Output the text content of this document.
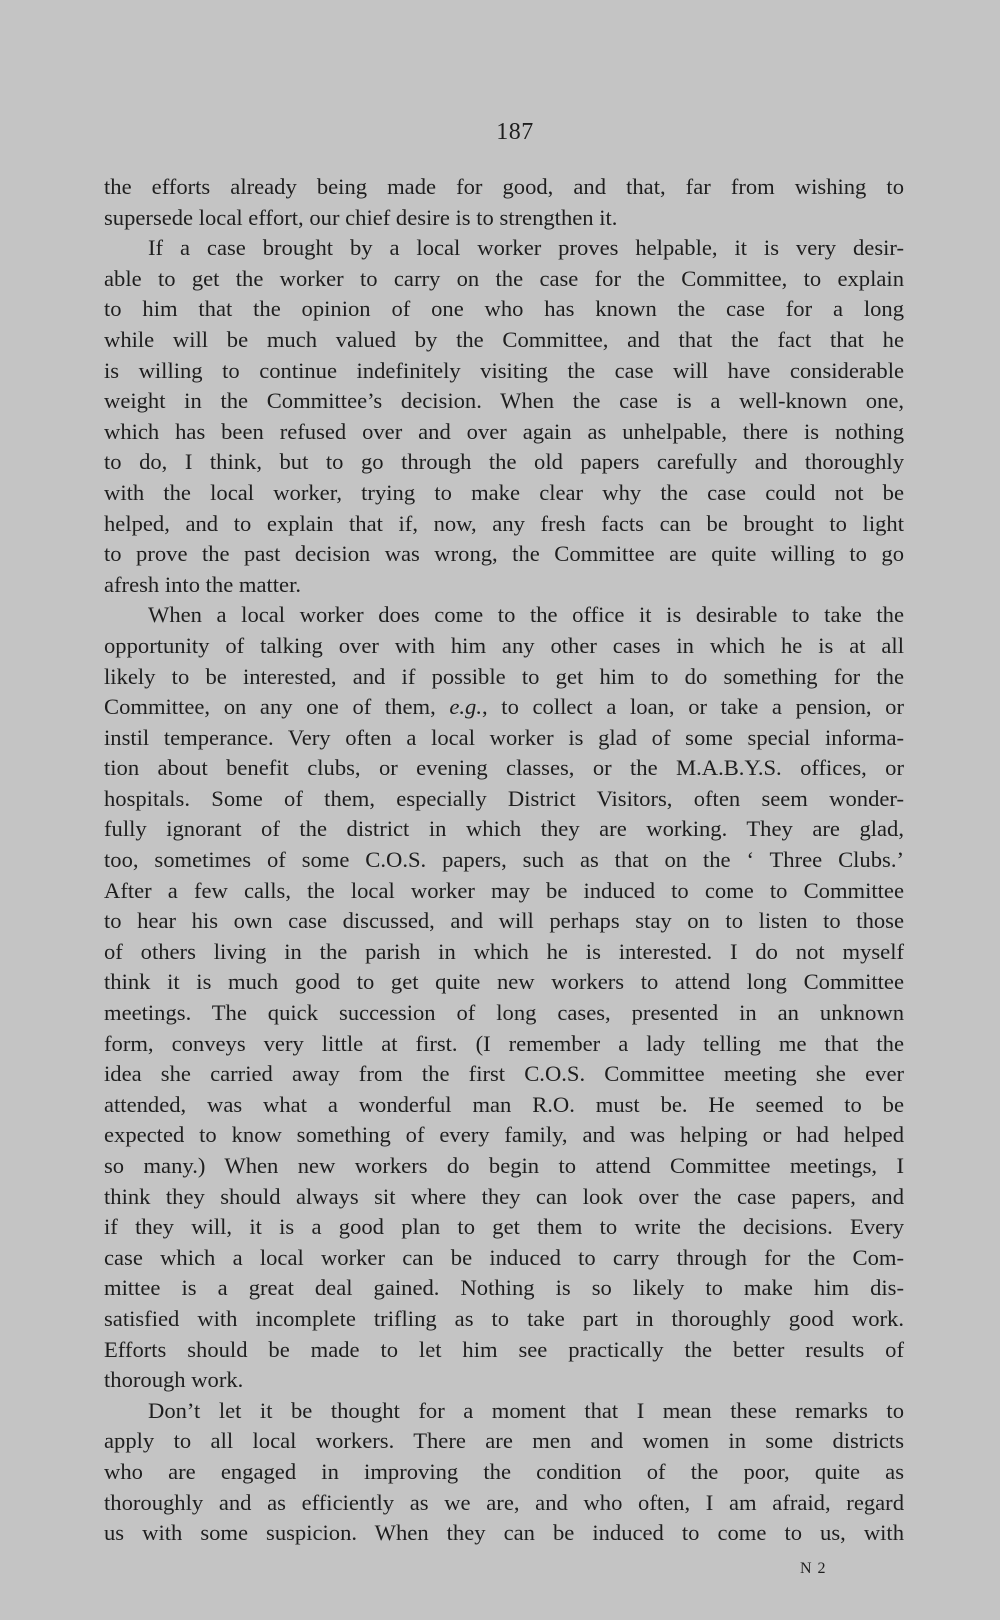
187
the efforts already being made for good, and that, far from wishing to
supersede local effort, our chief desire is to strengthen it.
If a case brought by a local worker proves helpable, it is very desir-
able to get the worker to carry on the case for the Committee, to explain
to him that the opinion of one who has known the case for a long
while will be much valued by the Committee, and that the fact that he
is willing to continue indefinitely visiting the case will have considerable
weight in the Committee’s decision. When the case is a well-known one,
which has been refused over and over again as unhelpable, there is nothing
to do, I think, but to go through the old papers carefully and thoroughly
with the local worker, trying to make clear why the case could not be
helped, and to explain that if, now, any fresh facts can be brought to light
to prove the past decision was wrong, the Committee are quite willing to go
afresh into the matter.
When a local worker does come to the office it is desirable to take the
opportunity of talking over with him any other cases in which he is at all
likely to be interested, and if possible to get him to do something for the
Committee, on any one of them, e.g., to collect a loan, or take a pension, or
instil temperance. Very often a local worker is glad of some special informa-
tion about benefit clubs, or evening classes, or the M.A.B.Y.S. offices, or
hospitals. Some of them, especially District Visitors, often seem wonder-
fully ignorant of the district in which they are working. They are glad,
too, sometimes of some C.O.S. papers, such as that on the ‘ Three Clubs.’
After a few calls, the local worker may be induced to come to Committee
to hear his own case discussed, and will perhaps stay on to listen to those
of others living in the parish in which he is interested. I do not myself
think it is much good to get quite new workers to attend long Committee
meetings. The quick succession of long cases, presented in an unknown
form, conveys very little at first. (I remember a lady telling me that the
idea she carried away from the first C.O.S. Committee meeting she ever
attended, was what a wonderful man R.O. must be. He seemed to be
expected to know something of every family, and was helping or had helped
so many.) When new workers do begin to attend Committee meetings, I
think they should always sit where they can look over the case papers, and
if they will, it is a good plan to get them to write the decisions. Every
case which a local worker can be induced to carry through for the Com-
mittee is a great deal gained. Nothing is so likely to make him dis-
satisfied with incomplete trifling as to take part in thoroughly good work.
Efforts should be made to let him see practically the better results of
thorough work.
Don’t let it be thought for a moment that I mean these remarks to
apply to all local workers. There are men and women in some districts
who are engaged in improving the condition of the poor, quite as
thoroughly and as efficiently as we are, and who often, I am afraid, regard
us with some suspicion. When they can be induced to come to us, with
N 2
